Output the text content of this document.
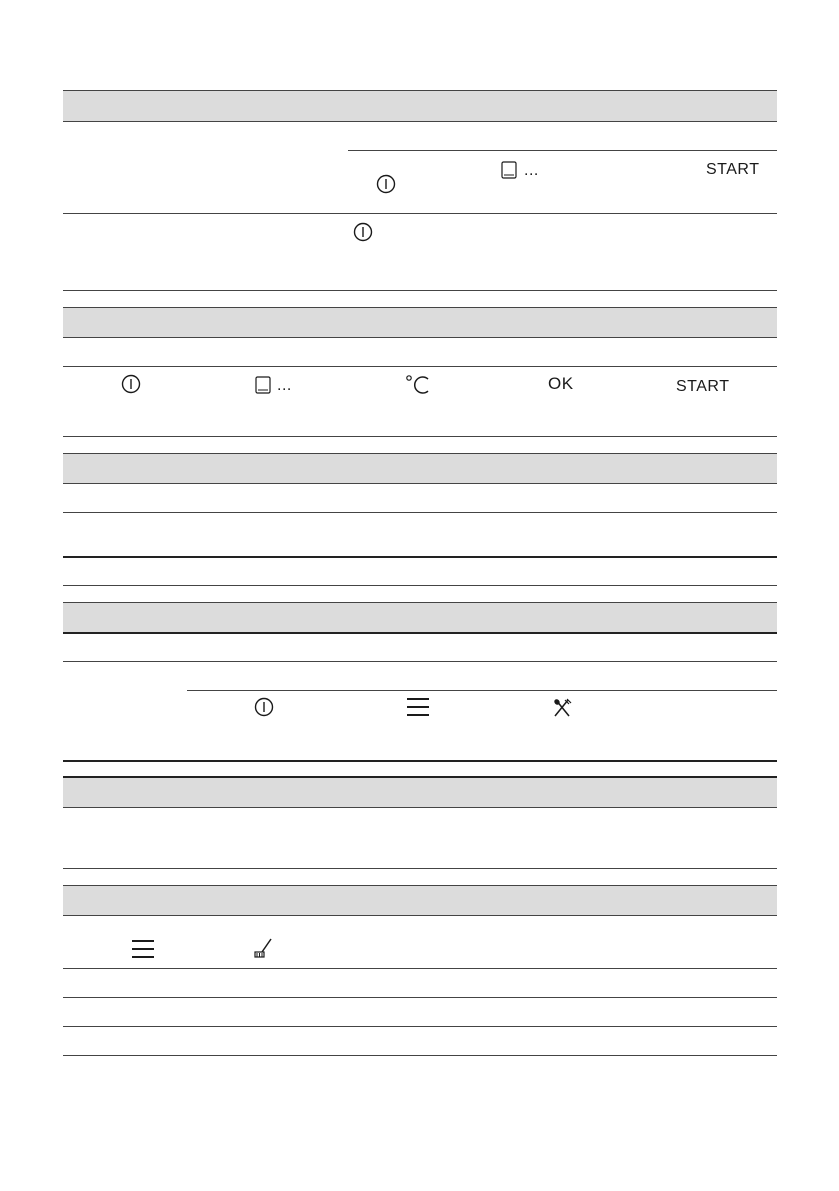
...	START
...	OK	START
